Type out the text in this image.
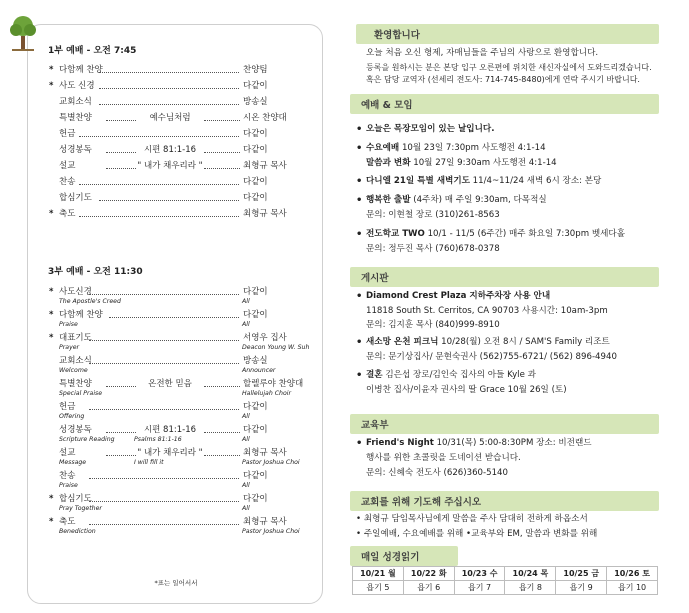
1부 예배 - 오전 7:45
* 다함께 찬양	찬양팀
* 사도 신경	다같이
교회소식	방송실
특별찬양	예수님처럼	시온 찬양대
헌금	다같이
성경봉독	시편 81:1-16	다같이
설교	" 내가 채우리라 "	최형규 목사
찬송	다같이
합심기도	다같이
* 축도	최형규 목사
3부 예배 - 오전 11:30
* 사도신경	다같이
The Apostle's Creed	All
* 다함께 찬양	다같이
Praise	All
* 대표기도	서영우 집사
Prayer	Deacon Young W. Suh
교회소식	방송실
Welcome	Announcer
특별찬양	온전한 믿음	할렐루야 찬양대
Special Praise	Hallelujah Choir
헌금	다같이
Offering	All
성경봉독	시편 81:1-16	다같이
Scripture Reading	Psalms 81:1-16	All
설교	" 내가 채우리라 "	최형규 목사
Message	I will fill it	Pastor Joshua Choi
찬송	다같이
Praise	All
* 합심기도	다같이
Pray Together	All
* 축도	최형규 목사
Benediction	Pastor Joshua Choi
*표는 일어서서
환영합니다
오늘 처음 오신 형제, 자매님들을 주님의 사랑으로 환영합니다.
등록을 원하시는 분은 본당 입구 오른편에 위치한 새신자실에서 도와드리겠습니다.
혹은 담당 교역자 (선세리 전도사: 714-745-8480)에게 연락 주시기 바랍니다.
예배 & 모임
• 오늘은 목장모임이 있는 날입니다.
• 수요예배 10월 23일 7:30pm 사도행전 4:1-14
말씀과 변화 10월 27일 9:30am 사도행전 4:1-14
• 다니엘 21일 특별 새벽기도 11/4~11/24 새벽 6시 장소: 본당
• 행복한 출발 (4주차) 매 주일 9:30am, 다목적실
문의: 이현철 장로 (310)261-8563
• 전도학교 TWO 10/1 - 11/5 (6주간) 매주 화요일 7:30pm 벳세다홀
문의: 정두진 목사 (760)678-0378
게시판
• Diamond Crest Plaza 지하주차장 사용 안내
11818 South St. Cerritos, CA 90703 사용시간: 10am-3pm
문의: 김지훈 목사 (840)999-8910
• 새소망 온천 피크닉 10/28(월) 오전 8시 / SAM'S Family 리조트
문의: 문기상집사/ 문현숙권사 (562)755-6721/ (562) 896-4940
• 결혼 김은섭 장로/김인숙 집사의 아들 Kyle 과
이병찬 집사/이윤자 권사의 딸 Grace 10월 26일 (토)
교육부
• Friend's Night 10/31(목) 5:00-8:30PM 장소: 비전랜드
행사를 위한 초콜릿을 도네이션 받습니다.
문의: 신혜숙 전도사 (626)360-5140
교회를 위해 기도해 주십시오
• 최형규 담임목사님에게 말씀을 주사 담대히 전하게 하옵소서
• 주일예배, 수요예배를 위해 •교육부와 EM, 말씀과 변화를 위해
매일 성경읽기
10/21 월	10/22 화	10/23 수	10/24 목	10/25 금	10/26 토
욥기 5	욥기 6	욥기 7	욥기 8	욥기 9	욥기 10
